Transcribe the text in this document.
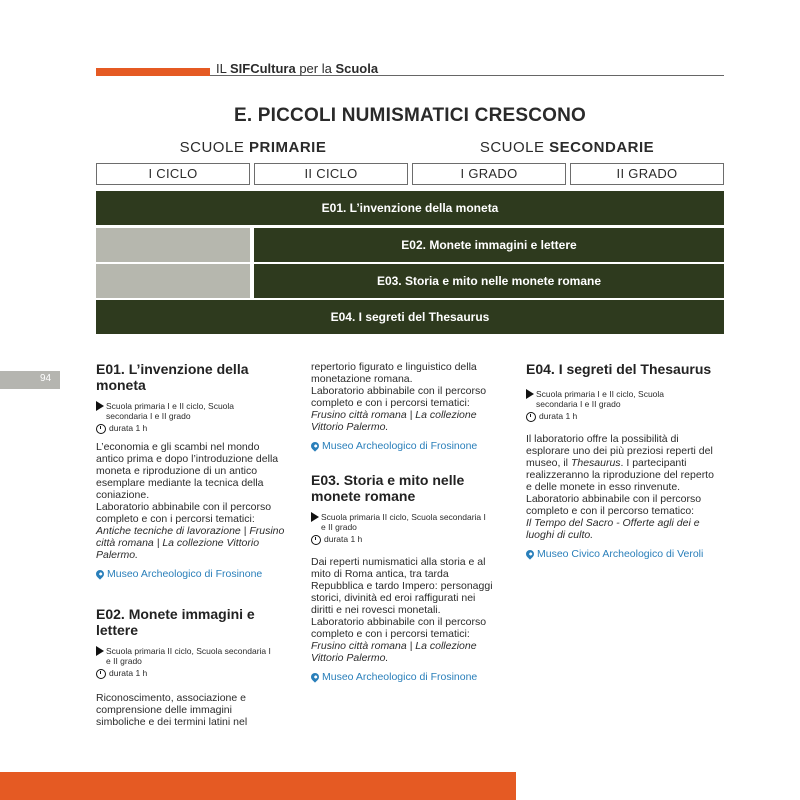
IL SIFCultura per la Scuola
94
E. PICCOLI NUMISMATICI CRESCONO
SCUOLE PRIMARIE	SCUOLE SECONDARIE
I CICLO	II CICLO	I GRADO	II GRADO
E01. L’invenzione della moneta
E02. Monete immagini e lettere
E03. Storia e mito nelle monete romane
E04. I segreti del Thesaurus
E01. L’invenzione della
moneta
Scuola primaria I e II ciclo, Scuola
secondaria I e II grado
durata 1 h
L’economia e gli scambi nel mondo
antico prima e dopo l’introduzione della
moneta e riproduzione di un antico
esemplare mediante la tecnica della
coniazione.
Laboratorio abbinabile con il percorso
completo e con i percorsi tematici:
Antiche tecniche di lavorazione | Frusino
città romana | La collezione Vittorio
Palermo.
Museo Archeologico di Frosinone
E02. Monete immagini e
lettere
Scuola primaria II ciclo, Scuola secondaria I
e II grado
durata 1 h
Riconoscimento, associazione e
comprensione delle immagini
simboliche e dei termini latini nel
repertorio figurato e linguistico della
monetazione romana.
Laboratorio abbinabile con il percorso
completo e con i percorsi tematici:
Frusino città romana | La collezione
Vittorio Palermo.
Museo Archeologico di Frosinone
E03. Storia e mito nelle
monete romane
Scuola primaria II ciclo, Scuola secondaria I
e II grado
durata 1 h
Dai reperti numismatici alla storia e al
mito di Roma antica, tra tarda
Repubblica e tardo Impero: personaggi
storici, divinità ed eroi raffigurati nei
diritti e nei rovesci monetali.
Laboratorio abbinabile con il percorso
completo e con i percorsi tematici:
Frusino città romana | La collezione
Vittorio Palermo.
Museo Archeologico di Frosinone
E04. I segreti del Thesaurus
Scuola primaria I e II ciclo, Scuola
secondaria I e II grado
durata 1 h
Il laboratorio offre la possibilità di
esplorare uno dei più preziosi reperti del
museo, il Thesaurus. I partecipanti
realizzeranno la riproduzione del reperto
e delle monete in esso rinvenute.
Laboratorio abbinabile con il percorso
completo e con il percorso tematico:
Il Tempo del Sacro - Offerte agli dei e
luoghi di culto.
Museo Civico Archeologico di Veroli
